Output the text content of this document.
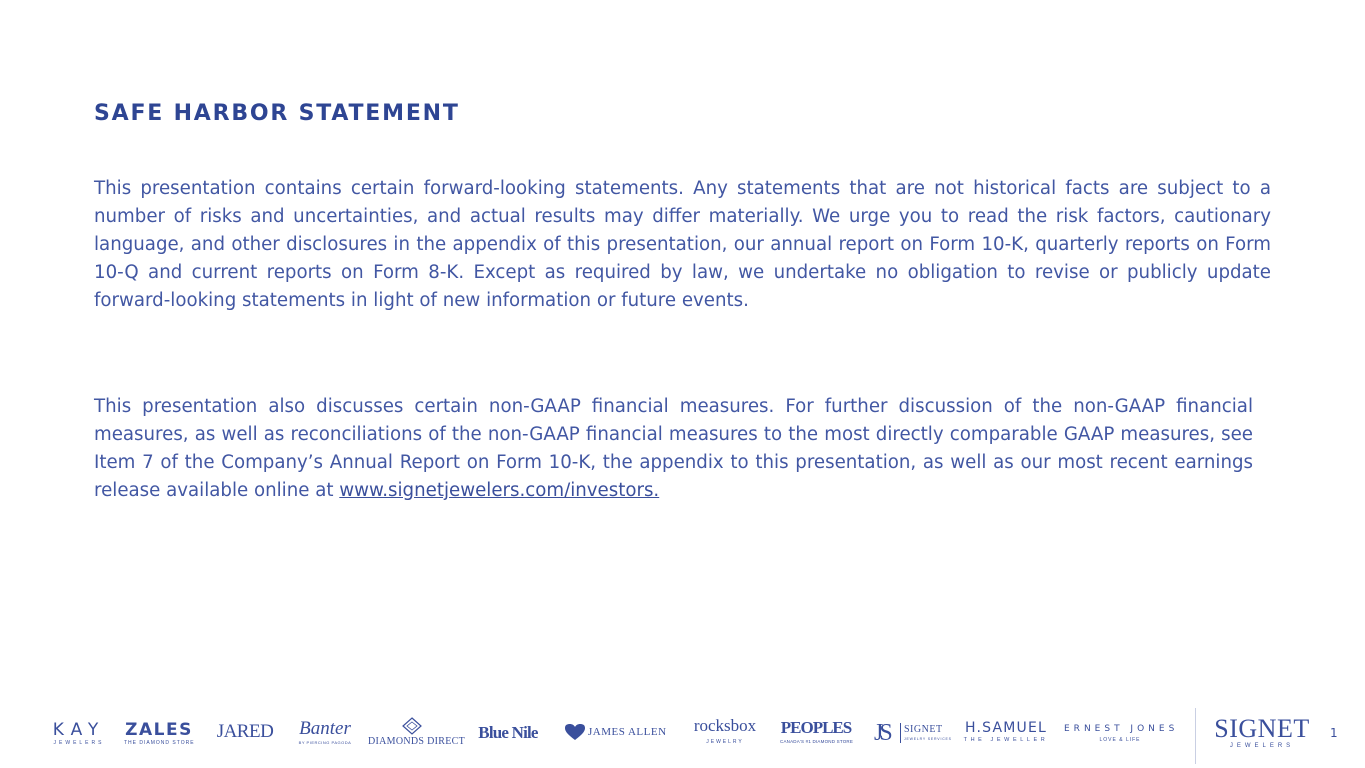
SAFE HARBOR STATEMENT

This presentation contains certain forward-looking statements. Any statements that are not historical facts are subject to a number of risks and uncertainties, and actual results may differ materially. We urge you to read the risk factors, cautionary language, and other disclosures in the appendix of this presentation, our annual report on Form 10-K, quarterly reports on Form 10-Q and current reports on Form 8-K. Except as required by law, we undertake no obligation to revise or publicly update forward-looking statements in light of new information or future events.

This presentation also discusses certain non-GAAP financial measures. For further discussion of the non-GAAP financial measures, as well as reconciliations of the non-GAAP financial measures to the most directly comparable GAAP measures, see Item 7 of the Company’s Annual Report on Form 10-K, the appendix to this presentation, as well as our most recent earnings release available online at www.signetjewelers.com/investors.

KAY
JEWELERS
ZALES
THE DIAMOND STORE
JARED	Banter
BY PIERCING PAGODA	DIAMONDS DIRECT Blue Nile	JAMES ALLEN	rocksbox
JEWELRY
PEOPLES
CANADA'S #1 DIAMOND STORE JS SIGNET
JEWELRY SERVICES
H.SAMUEL
THE JEWELLER
ERNEST JONES
LOVE & LIFE	SIGNET
JEWELERS
1
